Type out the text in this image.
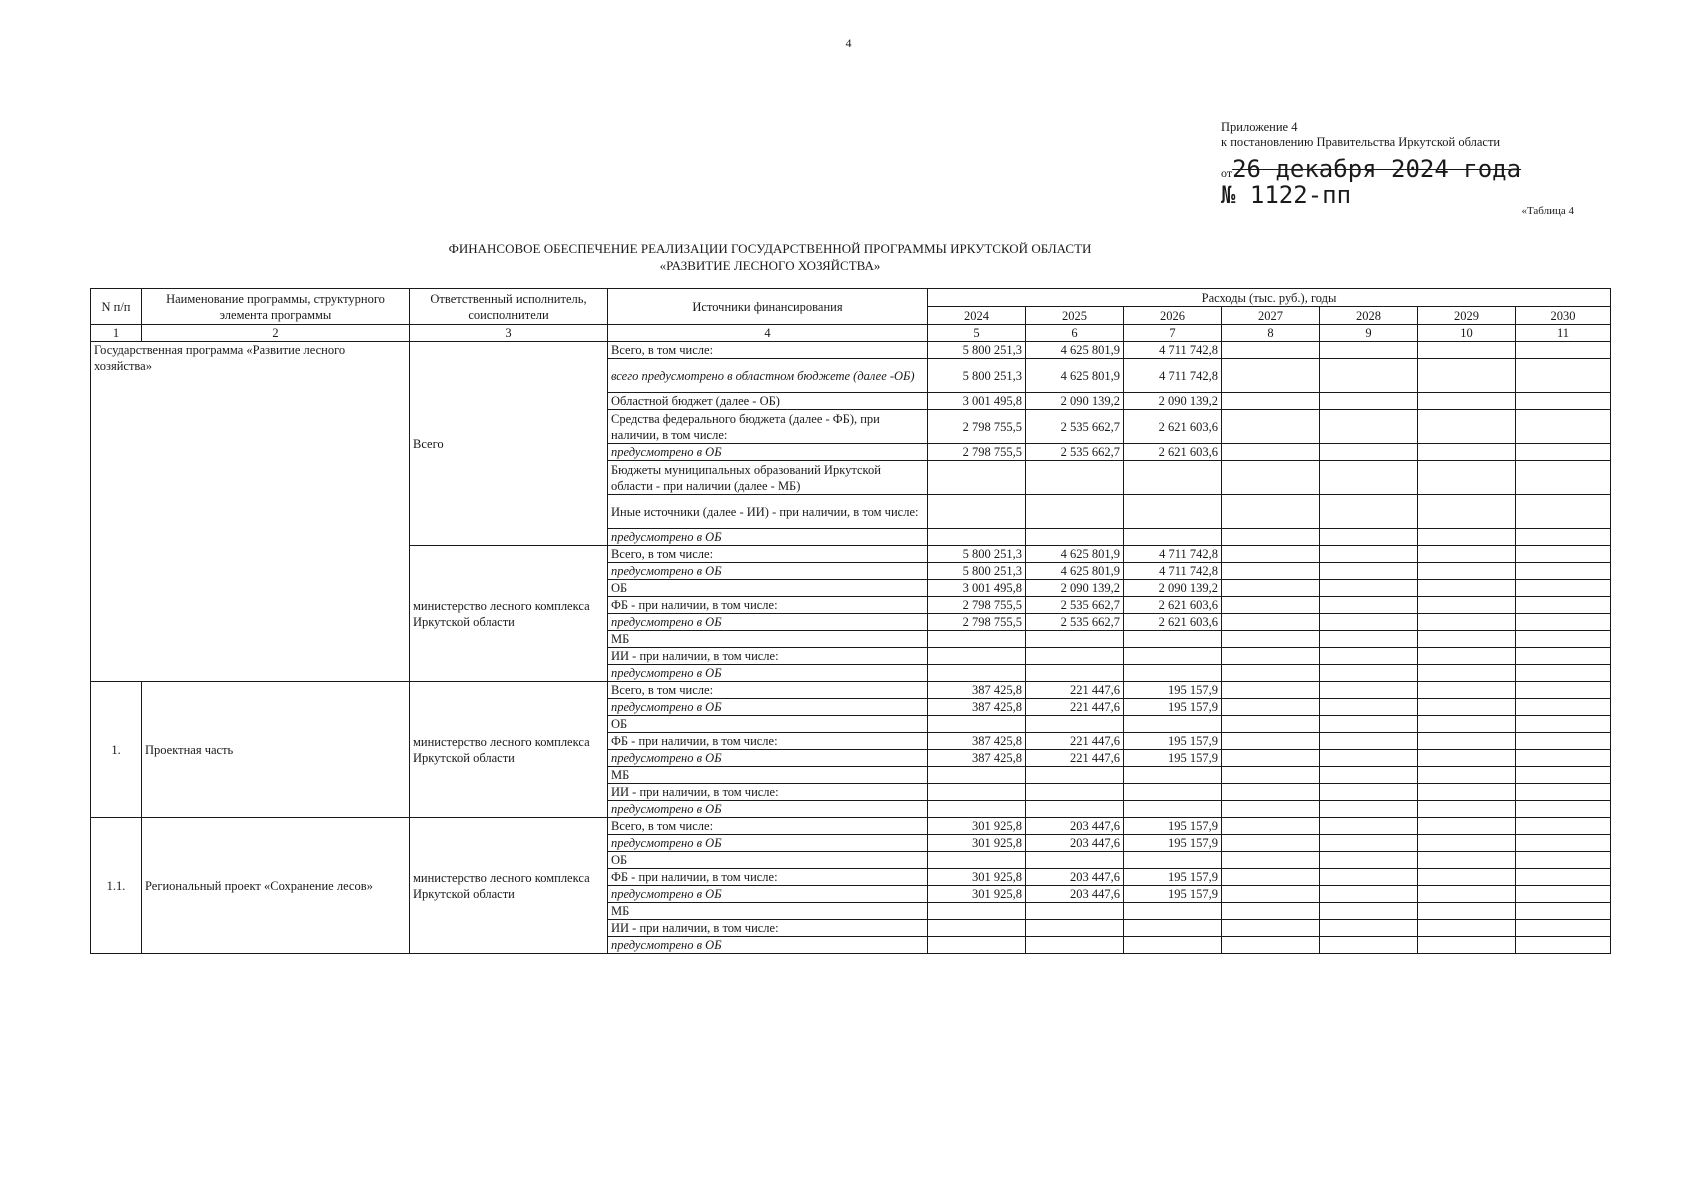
4
Приложение 4
к постановлению Правительства Иркутской области
от26 декабря 2024 года
№ 1122-пп
«Таблица 4
ФИНАНСОВОЕ ОБЕСПЕЧЕНИЕ РЕАЛИЗАЦИИ ГОСУДАРСТВЕННОЙ ПРОГРАММЫ ИРКУТСКОЙ ОБЛАСТИ
«РАЗВИТИЕ ЛЕСНОГО ХОЗЯЙСТВА»
N п/п	Наименование программы, структурного элемента программы	Ответственный исполнитель, соисполнители	Источники финансирования	Расходы (тыс. руб.), годы						
				2024	2025	2026	2027	2028	2029	2030
1	2	3	4	5	6	7	8	9	10	11
Государственная программа «Развитие лесного хозяйства»		Всего	Всего, в том числе:	5 800 251,3	4 625 801,9	4 711 742,8				
			всего предусмотрено в областном бюджете (далее -ОБ)	5 800 251,3	4 625 801,9	4 711 742,8				
			Областной бюджет (далее - ОБ)	3 001 495,8	2 090 139,2	2 090 139,2				
			Средства федерального бюджета (далее - ФБ), при наличии, в том числе:	2 798 755,5	2 535 662,7	2 621 603,6				
			предусмотрено в ОБ	2 798 755,5	2 535 662,7	2 621 603,6				
			Бюджеты муниципальных образований Иркутской области - при наличии (далее - МБ)							
			Иные источники (далее - ИИ) - при наличии, в том числе:							
			предусмотрено в ОБ							
		министерство лесного комплекса Иркутской области	Всего, в том числе:	5 800 251,3	4 625 801,9	4 711 742,8				
			предусмотрено в ОБ	5 800 251,3	4 625 801,9	4 711 742,8				
			ОБ	3 001 495,8	2 090 139,2	2 090 139,2				
			ФБ - при наличии, в том числе:	2 798 755,5	2 535 662,7	2 621 603,6				
			предусмотрено в ОБ	2 798 755,5	2 535 662,7	2 621 603,6				
			МБ							
			ИИ - при наличии, в том числе:							
			предусмотрено в ОБ							
1.	Проектная часть	министерство лесного комплекса Иркутской области	Всего, в том числе:	387 425,8	221 447,6	195 157,9				
			предусмотрено в ОБ	387 425,8	221 447,6	195 157,9				
			ОБ							
			ФБ - при наличии, в том числе:	387 425,8	221 447,6	195 157,9				
			предусмотрено в ОБ	387 425,8	221 447,6	195 157,9				
			МБ							
			ИИ - при наличии, в том числе:							
			предусмотрено в ОБ							
1.1.	Региональный проект «Сохранение лесов»	министерство лесного комплекса Иркутской области	Всего, в том числе:	301 925,8	203 447,6	195 157,9				
			предусмотрено в ОБ	301 925,8	203 447,6	195 157,9				
			ОБ							
			ФБ - при наличии, в том числе:	301 925,8	203 447,6	195 157,9				
			предусмотрено в ОБ	301 925,8	203 447,6	195 157,9				
			МБ							
			ИИ - при наличии, в том числе:							
			предусмотрено в ОБ							
